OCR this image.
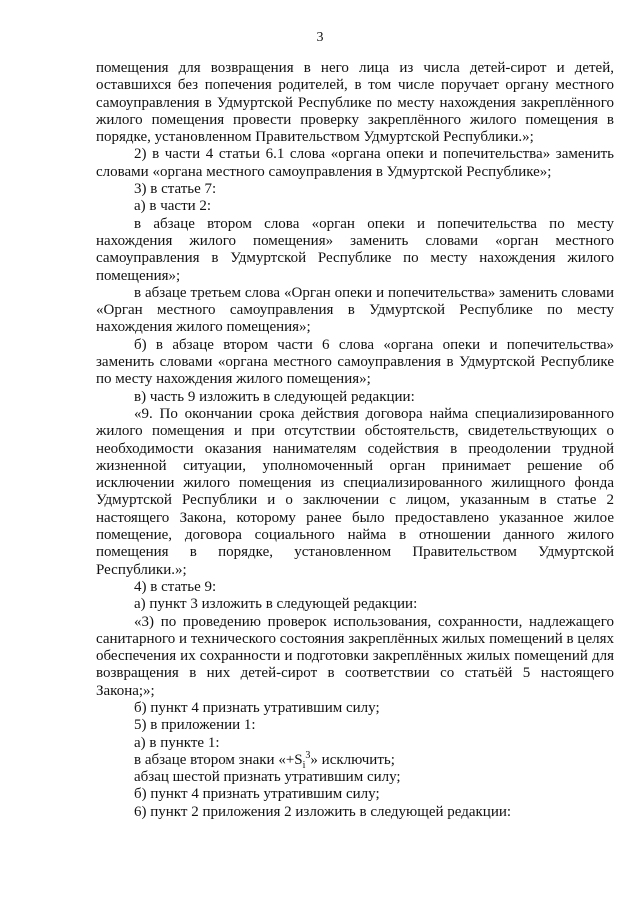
3

помещения для возвращения в него лица из числа детей-сирот и детей, оставшихся без попечения родителей, в том числе поручает органу местного самоуправления в Удмуртской Республике по месту нахождения закреплённого жилого помещения провести проверку закреплённого жилого помещения в порядке, установленном Правительством Удмуртской Республики.»;

2) в части 4 статьи 6.1 слова «органа опеки и попечительства» заменить словами «органа местного самоуправления в Удмуртской Республике»;

3) в статье 7:

а) в части 2:

в абзаце втором слова «орган опеки и попечительства по месту нахождения жилого помещения» заменить словами «орган местного самоуправления в Удмуртской Республике по месту нахождения жилого помещения»;

в абзаце третьем слова «Орган опеки и попечительства» заменить словами «Орган местного самоуправления в Удмуртской Республике по месту нахождения жилого помещения»;

б) в абзаце втором части 6 слова «органа опеки и попечительства» заменить словами «органа местного самоуправления в Удмуртской Республике по месту нахождения жилого помещения»;

в) часть 9 изложить в следующей редакции:

«9. По окончании срока действия договора найма специализированного жилого помещения и при отсутствии обстоятельств, свидетельствующих о необходимости оказания нанимателям содействия в преодолении трудной жизненной ситуации, уполномоченный орган принимает решение об исключении жилого помещения из специализированного жилищного фонда Удмуртской Республики и о заключении с лицом, указанным в статье 2 настоящего Закона, которому ранее было предоставлено указанное жилое помещение, договора социального найма в отношении данного жилого помещения в порядке, установленном Правительством Удмуртской Республики.»;

4) в статье 9:

а) пункт 3 изложить в следующей редакции:

«3) по проведению проверок использования, сохранности, надлежащего санитарного и технического состояния закреплённых жилых помещений в целях обеспечения их сохранности и подготовки закреплённых жилых помещений для возвращения в них детей-сирот в соответствии со статьёй 5 настоящего Закона;»;

б) пункт 4 признать утратившим силу;

5) в приложении 1:

а) в пункте 1:

в абзаце втором знаки «$+S_i^3$» исключить;

абзац шестой признать утратившим силу;

б) пункт 4 признать утратившим силу;

6) пункт 2 приложения 2 изложить в следующей редакции:
